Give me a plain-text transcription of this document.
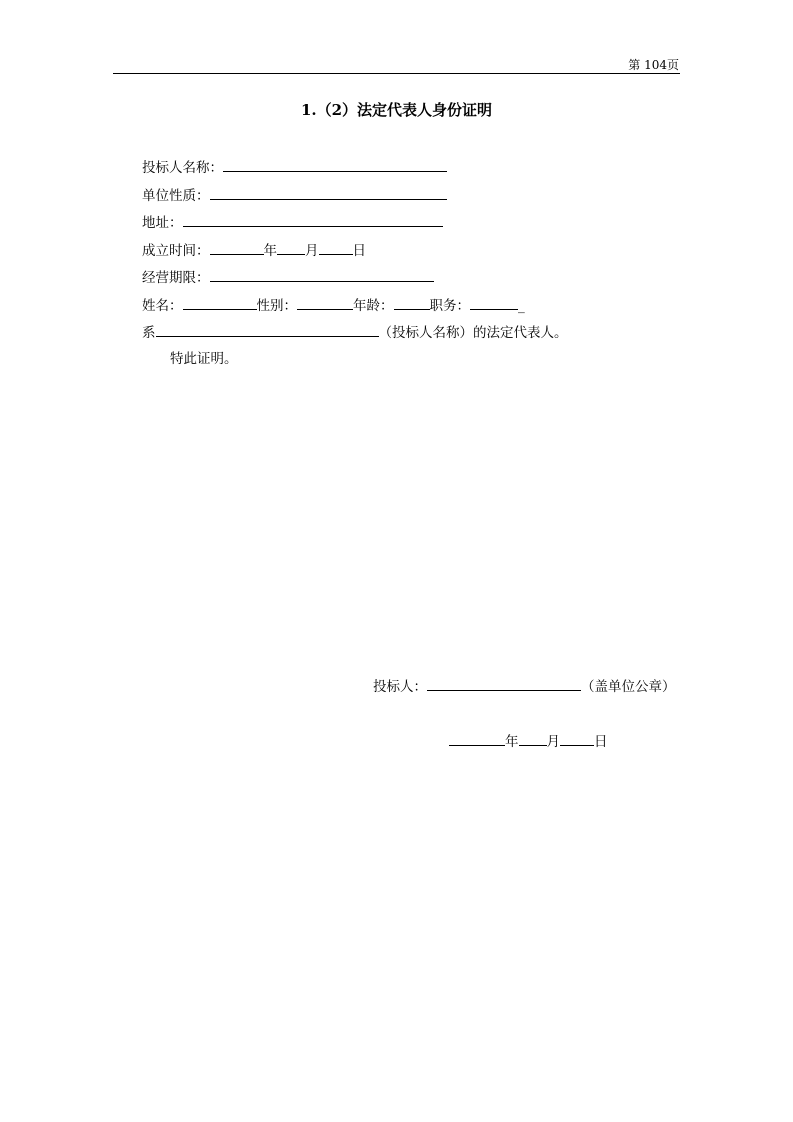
第 104页
1.（2）法定代表人身份证明
投标人名称：
单位性质：
地址：
成立时间：	年 月	日
经营期限：
姓名：	性别：	年龄：	职务：	_
系	（投标人名称）的法定代表人。
特此证明。
投标人：	（盖单位公章）
年 月	日
